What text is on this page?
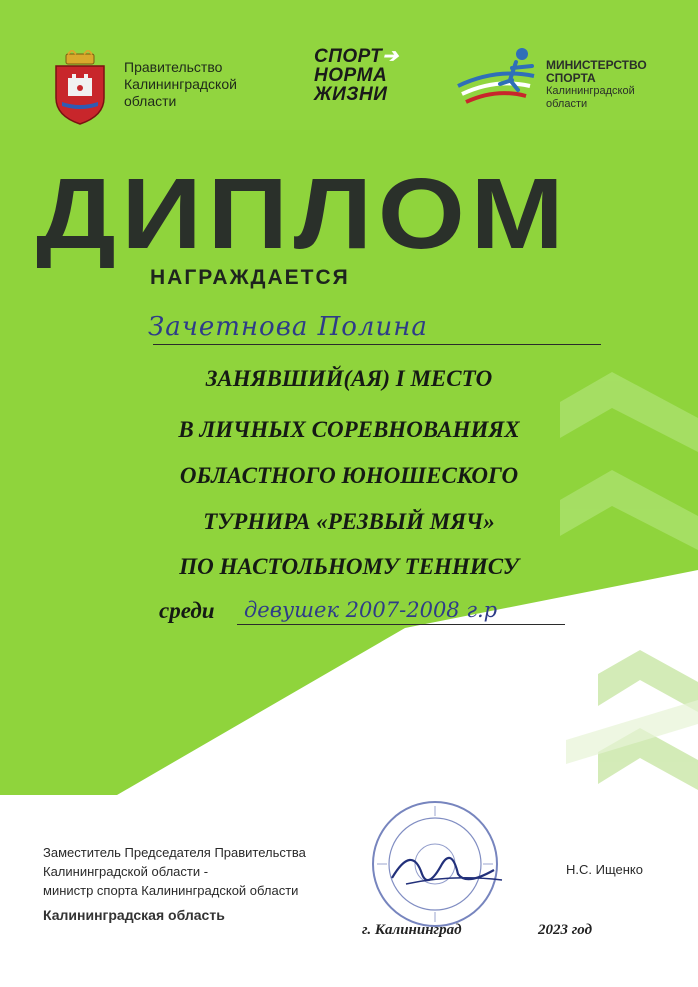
Правительство
Калининградской
области
СПОРТ➔
НОРМА
ЖИЗНИ
МИНИСТЕРСТВО
СПОРТА
Калининградской
области
ДИПЛОМ
НАГРАЖДАЕТСЯ
Зачетнова Полина
ЗАНЯВШИЙ(АЯ) I МЕСТО
В ЛИЧНЫХ СОРЕВНОВАНИЯХ
ОБЛАСТНОГО ЮНОШЕСКОГО
ТУРНИРА «РЕЗВЫЙ МЯЧ»
ПО НАСТОЛЬНОМУ ТЕННИСУ
среди девушек 2007-2008 г.р
Заместитель Председателя Правительства
Калининградской области -
министр спорта Калининградской области
Калининградская область
Н.С. Ищенко
г. Калининград	2023 год
